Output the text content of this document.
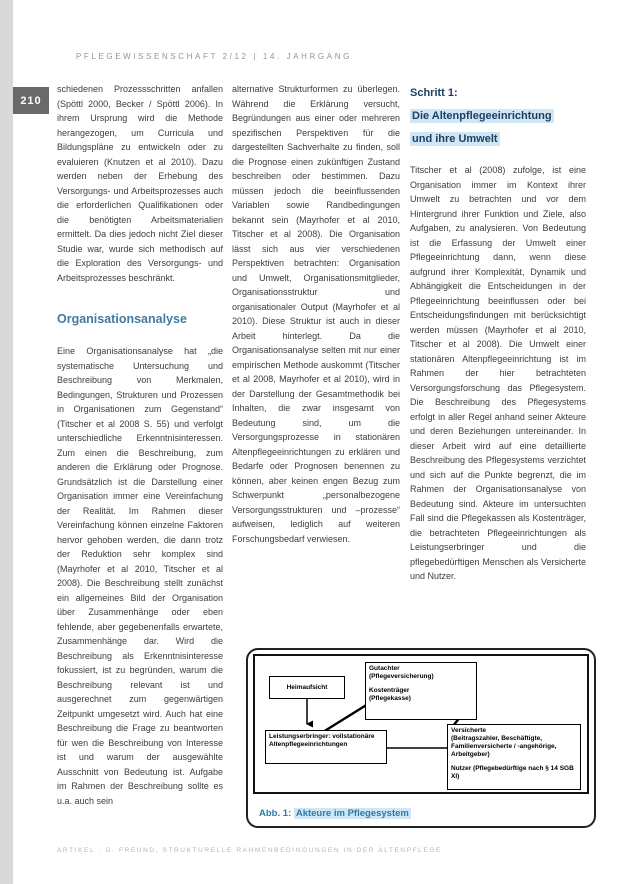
210
PFLEGEWISSENSCHAFT 2/12 | 14. JAHRGANG

schiedenen Prozessschritten anfallen (Spöttl 2000, Becker / Spöttl 2006). In ihrem Ursprung wird die Methode herangezogen, um Curricula und Bildungspläne zu entwickeln oder zu evaluieren (Knutzen et al 2010). Dazu werden neben der Erhebung des Versorgungs- und Arbeitsprozesses auch die erforderlichen Qualifikationen oder die benötigten Arbeitsmaterialien ermittelt. Da dies jedoch nicht Ziel dieser Studie war, wurde sich methodisch auf die Exploration des Versorgungs- und Arbeitsprozesses beschränkt.

Organisationsanalyse

Eine Organisationsanalyse hat „die systematische Untersuchung und Beschreibung von Merkmalen, Bedingungen, Strukturen und Prozessen in Organisationen zum Gegenstand“ (Titscher et al 2008 S. 55) und verfolgt unterschiedliche Erkenntnisinteressen. Zum einen die Beschreibung, zum anderen die Erklärung oder Prognose. Grundsätzlich ist die Darstellung einer Organisation immer eine Vereinfachung der Realität. Im Rahmen dieser Vereinfachung können einzelne Faktoren hervor gehoben werden, die dann trotz der Reduktion sehr komplex sind (Mayrhofer et al 2010, Titscher et al 2008). Die Beschreibung stellt zunächst ein allgemeines Bild der Organisation über Zusammenhänge oder eben fehlende, aber gegebenenfalls erwartete, Zusammenhänge dar. Wird die Beschreibung als Erkenntnisinteresse fokussiert, ist zu begründen, warum die Beschreibung relevant ist und ausgerechnet zum gegenwärtigen Zeitpunkt umgesetzt wird. Auch hat eine Beschreibung die Frage zu beantworten für wen die Beschreibung von Interesse ist und warum der ausgewählte Ausschnitt von Bedeutung ist. Aufgabe im Rahmen der Beschreibung sollte es u.a. auch sein

alternative Strukturformen zu überlegen. Während die Erklärung versucht, Begründungen aus einer oder mehreren spezifischen Perspektiven für die dargestellten Sachverhalte zu finden, soll die Prognose einen zukünftigen Zustand beschreiben oder bestimmen. Dazu müssen jedoch die beeinflussenden Variablen sowie Randbedingungen bekannt sein (Mayrhofer et al 2010, Titscher et al 2008). Die Organisation lässt sich aus vier verschiedenen Perspektiven betrachten: Organisation und Umwelt, Organisationsmitglieder, Organisationsstruktur und organisationaler Output (Mayrhofer et al 2010). Diese Struktur ist auch in dieser Arbeit hinterlegt. Da die Organisationsanalyse selten mit nur einer empirischen Methode auskommt (Titscher et al 2008, Mayrhofer et al 2010), wird in der Darstellung der Gesamtmethodik bei Inhalten, die zwar insgesamt von Bedeutung sind, um die Versorgungsprozesse in stationären Altenpflegeeinrichtungen zu erklären und Bedarfe oder Prognosen benennen zu können, aber keinen engen Bezug zum Schwerpunkt „personalbezogene Versorgungsstrukturen und –prozesse“ aufweisen, lediglich auf weiteren Forschungsbedarf verwiesen.

Schritt 1:
Die Altenpflegeeinrichtung
und ihre Umwelt

Titscher et al (2008) zufolge, ist eine Organisation immer im Kontext ihrer Umwelt zu betrachten und vor dem Hintergrund ihrer Funktion und Ziele, also Aufgaben, zu analysieren. Von Bedeutung ist die Erfassung der Umwelt einer Pflegeeinrichtung dann, wenn diese aufgrund ihrer Komplexität, Dynamik und Abhängigkeit die Entscheidungen in der Pflegeeinrichtung beeinflussen oder bei Entscheidungsfindungen mit berücksichtigt werden müssen (Mayrhofer et al 2010, Titscher et al 2008). Die Umwelt einer stationären Altenpflegeeinrichtung ist im Rahmen der hier betrachteten Versorgungsforschung das Pflegesystem. Die Beschreibung des Pflegesystems erfolgt in aller Regel anhand seiner Akteure und deren Beziehungen untereinander. In dieser Arbeit wird auf eine detaillierte Beschreibung des Pflegesystems verzichtet und sich auf die Punkte begrenzt, die im Rahmen der Organisationsanalyse von Bedeutung sind. Akteure im untersuchten Fall sind die Pflegekassen als Kostenträger, die betrachteten Pflegeeinrichtungen als Leistungserbringer und die pflegebedürftigen Menschen als Versicherte und Nutzer.

Heimaufsicht
Gutachter
(Pflegeversicherung)
Kostenträger
(Pflegekasse)
Leistungserbringer: vollstationäre
Altenpflegeeinrichtungen
Versicherte
(Beitragszahler, Beschäftigte,
Familienversicherte / -angehörige,
Arbeitgeber)
Nutzer (Pflegebedürftige nach § 14 SGB XI)
Abb. 1: Akteure im Pflegesystem
ARTIKEL · G. FREUND, STRUKTURELLE RAHMENBEDINGUNGEN IN DER ALTENPFLEGE
